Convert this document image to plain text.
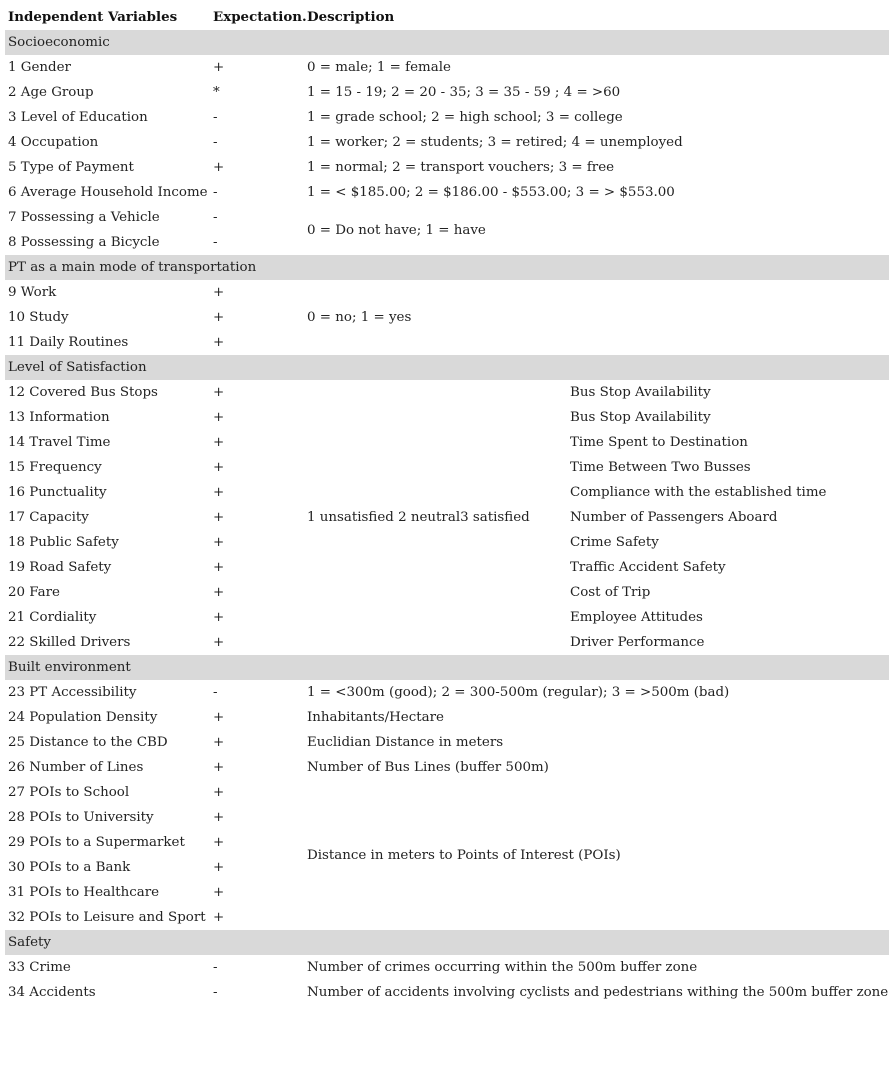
Independent Variables	Expectation. Description
Socioeconomic
1 Gender	+	0 = male; 1 = female
2 Age Group	*	1 = 15 - 19; 2 = 20 - 35; 3 = 35 - 59 ; 4 = >60
3 Level of Education	-	1 = grade school; 2 = high school; 3 = college
4 Occupation	-	1 = worker; 2 = students; 3 = retired; 4 = unemployed
5 Type of Payment	+	1 = normal; 2 = transport vouchers; 3 = free
6 Average Household Income -	1 = < $185.00; 2 = $186.00 - $553.00; 3 = > $553.00
7 Possessing a Vehicle	-
8 Possessing a Bicycle	-
0 = Do not have; 1 = have
PT as a main mode of transportation
9 Work	+
10 Study	+
11 Daily Routines	+
0 = no; 1 = yes
Level of Satisfaction
12 Covered Bus Stops	+	Bus Stop Availability
13 Information	+	Bus Stop Availability
14 Travel Time	+	Time Spent to Destination
15 Frequency	+	Time Between Two Busses
16 Punctuality	+	Compliance with the established time
17 Capacity	+	Number of Passengers Aboard
18 Public Safety	+	Crime Safety
19 Road Safety	+	Traffic Accident Safety
20 Fare	+	Cost of Trip
21 Cordiality	+	Employee Attitudes
22 Skilled Drivers	+	Driver Performance
1 unsatisfied 2 neutral3 satisfied
Built environment
23 PT Accessibility	-	1 = <300m (good); 2 = 300-500m (regular); 3 = >500m (bad)
24 Population Density	+	Inhabitants/Hectare
25 Distance to the CBD	+	Euclidian Distance in meters
26 Number of Lines	+	Number of Bus Lines (buffer 500m)
27 POIs to School	+
28 POIs to University	+
29 POIs to a Supermarket +
30 POIs to a Bank	+
31 POIs to Healthcare	+
32 POIs to Leisure and Sport +
Distance in meters to Points of Interest (POIs)
Safety
33 Crime	-	Number of crimes occurring within the 500m buffer zone
34 Accidents	-	Number of accidents involving cyclists and pedestrians withing the 500m buffer zone
